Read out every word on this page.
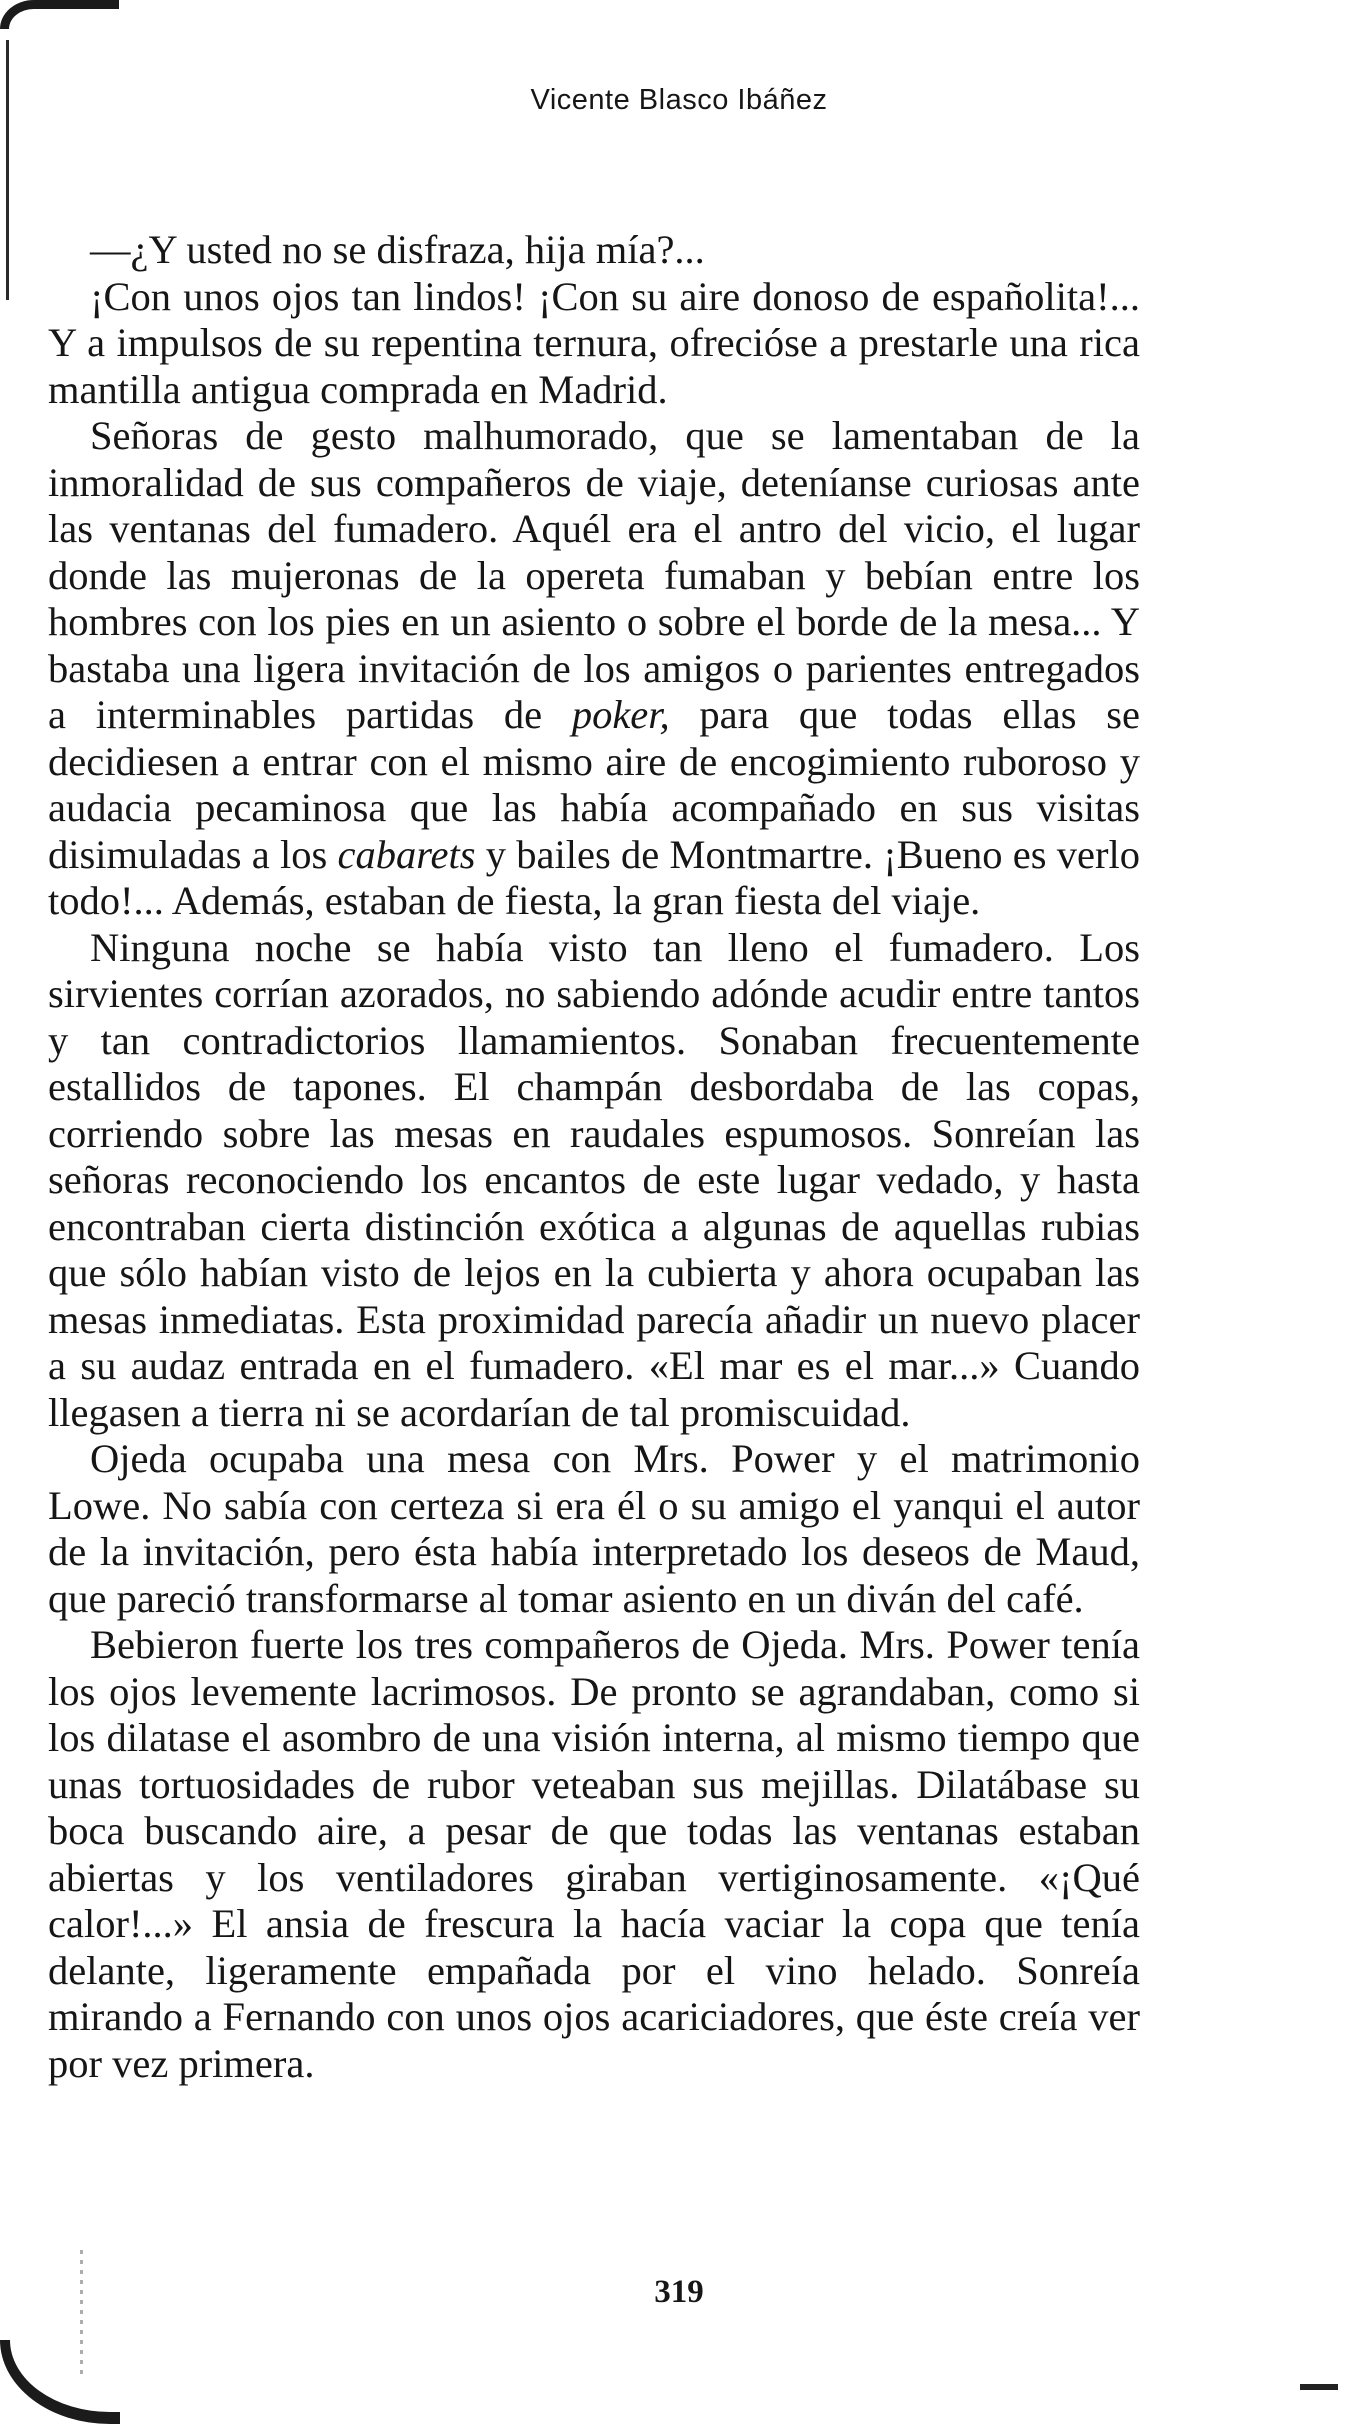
Vicente Blasco Ibáñez

—¿Y usted no se disfraza, hija mía?...

¡Con unos ojos tan lindos! ¡Con su aire donoso de españolita!... Y a impulsos de su repentina ternura, ofrecióse a prestarle una rica mantilla antigua comprada en Madrid.

Señoras de gesto malhumorado, que se lamentaban de la inmoralidad de sus compañeros de viaje, deteníanse curiosas ante las ventanas del fumadero. Aquél era el antro del vicio, el lugar donde las mujeronas de la opereta fumaban y bebían entre los hombres con los pies en un asiento o sobre el borde de la mesa... Y bastaba una ligera invitación de los amigos o parientes entregados a interminables partidas de poker, para que todas ellas se decidiesen a entrar con el mismo aire de encogimiento ruboroso y audacia pecaminosa que las había acompañado en sus visitas disimuladas a los cabarets y bailes de Montmartre. ¡Bueno es verlo todo!... Además, estaban de fiesta, la gran fiesta del viaje.

Ninguna noche se había visto tan lleno el fumadero. Los sirvientes corrían azorados, no sabiendo adónde acudir entre tantos y tan contradictorios llamamientos. Sonaban frecuentemente estallidos de tapones. El champán desbordaba de las copas, corriendo sobre las mesas en raudales espumosos. Sonreían las señoras reconociendo los encantos de este lugar vedado, y hasta encontraban cierta distinción exótica a algunas de aquellas rubias que sólo habían visto de lejos en la cubierta y ahora ocupaban las mesas inmediatas. Esta proximidad parecía añadir un nuevo placer a su audaz entrada en el fumadero. «El mar es el mar...» Cuando llegasen a tierra ni se acordarían de tal promiscuidad.

Ojeda ocupaba una mesa con Mrs. Power y el matrimonio Lowe. No sabía con certeza si era él o su amigo el yanqui el autor de la invitación, pero ésta había interpretado los deseos de Maud, que pareció transformarse al tomar asiento en un diván del café.

Bebieron fuerte los tres compañeros de Ojeda. Mrs. Power tenía los ojos levemente lacrimosos. De pronto se agrandaban, como si los dilatase el asombro de una visión interna, al mismo tiempo que unas tortuosidades de rubor veteaban sus mejillas. Dilatábase su boca buscando aire, a pesar de que todas las ventanas estaban abiertas y los ventiladores giraban vertiginosamente. «¡Qué calor!...» El ansia de frescura la hacía vaciar la copa que tenía delante, ligeramente empañada por el vino helado. Sonreía mirando a Fernando con unos ojos acariciadores, que éste creía ver por vez primera.

319
